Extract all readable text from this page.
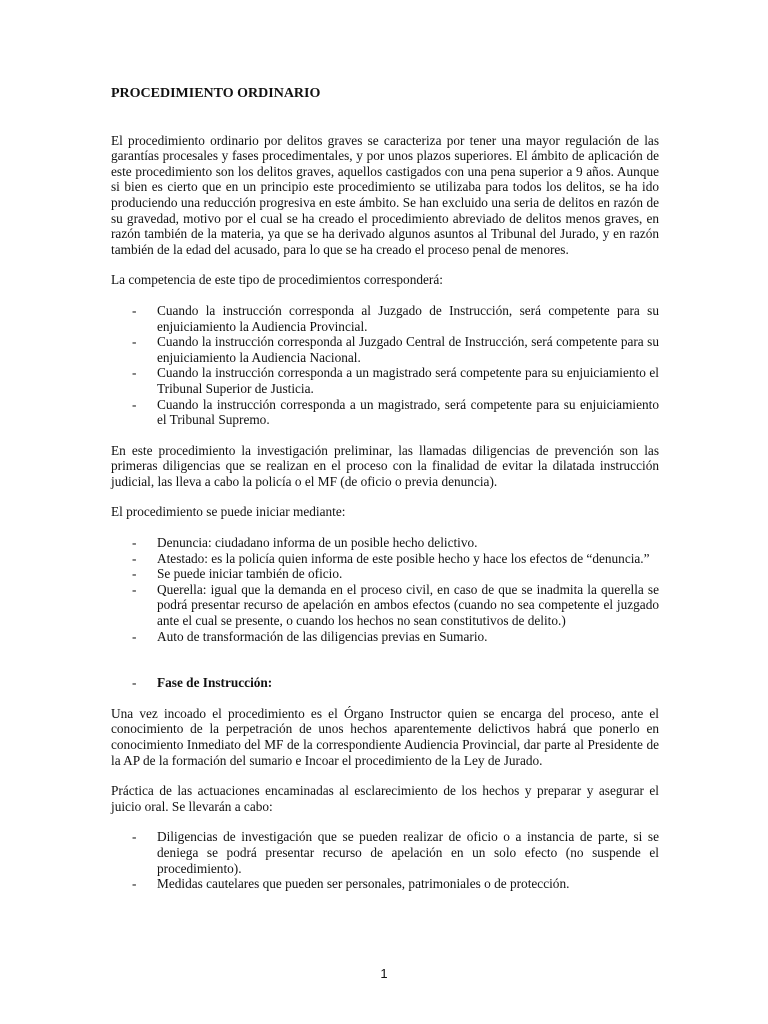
PROCEDIMIENTO ORDINARIO

El procedimiento ordinario por delitos graves se caracteriza por tener una mayor regulación de las garantías procesales y fases procedimentales, y por unos plazos superiores. El ámbito de aplicación de este procedimiento son los delitos graves, aquellos castigados con una pena superior a 9 años. Aunque si bien es cierto que en un principio este procedimiento se utilizaba para todos los delitos, se ha ido produciendo una reducción progresiva en este ámbito. Se han excluido una seria de delitos en razón de su gravedad, motivo por el cual se ha creado el procedimiento abreviado de delitos menos graves, en razón también de la materia, ya que se ha derivado algunos asuntos al Tribunal del Jurado, y en razón también de la edad del acusado, para lo que se ha creado el proceso penal de menores.

La competencia de este tipo de procedimientos corresponderá:

- Cuando la instrucción corresponda al Juzgado de Instrucción, será competente para su enjuiciamiento la Audiencia Provincial.
- Cuando la instrucción corresponda al Juzgado Central de Instrucción, será competente para su enjuiciamiento la Audiencia Nacional.
- Cuando la instrucción corresponda a un magistrado será competente para su enjuiciamiento el Tribunal Superior de Justicia.
- Cuando la instrucción corresponda a un magistrado, será competente para su enjuiciamiento el Tribunal Supremo.

En este procedimiento la investigación preliminar, las llamadas diligencias de prevención son las primeras diligencias que se realizan en el proceso con la finalidad de evitar la dilatada instrucción judicial, las lleva a cabo la policía o el MF (de oficio o previa denuncia).

El procedimiento se puede iniciar mediante:

- Denuncia: ciudadano informa de un posible hecho delictivo.
- Atestado: es la policía quien informa de este posible hecho y hace los efectos de “denuncia.”
- Se puede iniciar también de oficio.
- Querella: igual que la demanda en el proceso civil, en caso de que se inadmita la querella se podrá presentar recurso de apelación en ambos efectos (cuando no sea competente el juzgado ante el cual se presente, o cuando los hechos no sean constitutivos de delito.)
- Auto de transformación de las diligencias previas en Sumario.
- Fase de Instrucción:

Una vez incoado el procedimiento es el Órgano Instructor quien se encarga del proceso, ante el conocimiento de la perpetración de unos hechos aparentemente delictivos habrá que ponerlo en conocimiento Inmediato del MF de la correspondiente Audiencia Provincial, dar parte al Presidente de la AP de la formación del sumario e Incoar el procedimiento de la Ley de Jurado.

Práctica de las actuaciones encaminadas al esclarecimiento de los hechos y preparar y asegurar el juicio oral. Se llevarán a cabo:

- Diligencias de investigación que se pueden realizar de oficio o a instancia de parte, si se deniega se podrá presentar recurso de apelación en un solo efecto (no suspende el procedimiento).
- Medidas cautelares que pueden ser personales, patrimoniales o de protección.
1
